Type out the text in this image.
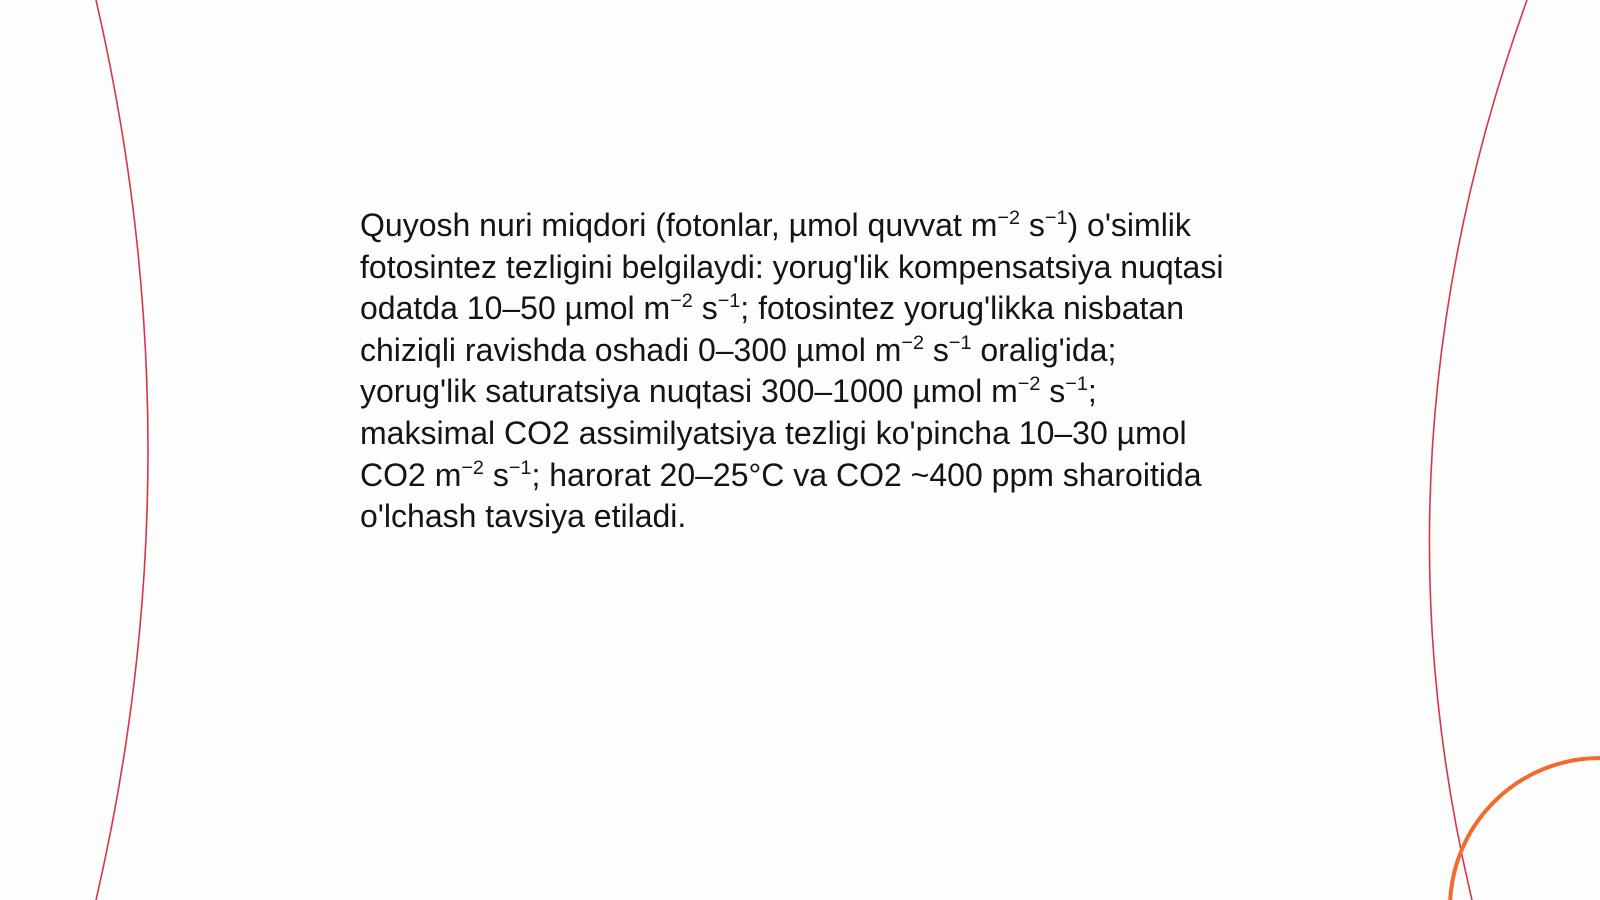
Quyosh nuri miqdori (fotonlar, µmol quvvat $m^{-2}$ $s^{-1}$) o'simlik fotosintez tezligini belgilaydi: yorug'lik kompensatsiya nuqtasi odatda 10–50 µmol $m^{-2}$ $s^{-1}$; fotosintez yorug'likka nisbatan chiziqli ravishda oshadi 0–300 µmol $m^{-2}$ $s^{-1}$ oralig'ida; yorug'lik saturatsiya nuqtasi 300–1000 µmol $m^{-2}$ $s^{-1}$; maksimal CO2 assimilyatsiya tezligi ko'pincha 10–30 µmol CO2 $m^{-2}$ $s^{-1}$; harorat 20–25°C va CO2 ~400 ppm sharoitida o'lchash tavsiya etiladi.
